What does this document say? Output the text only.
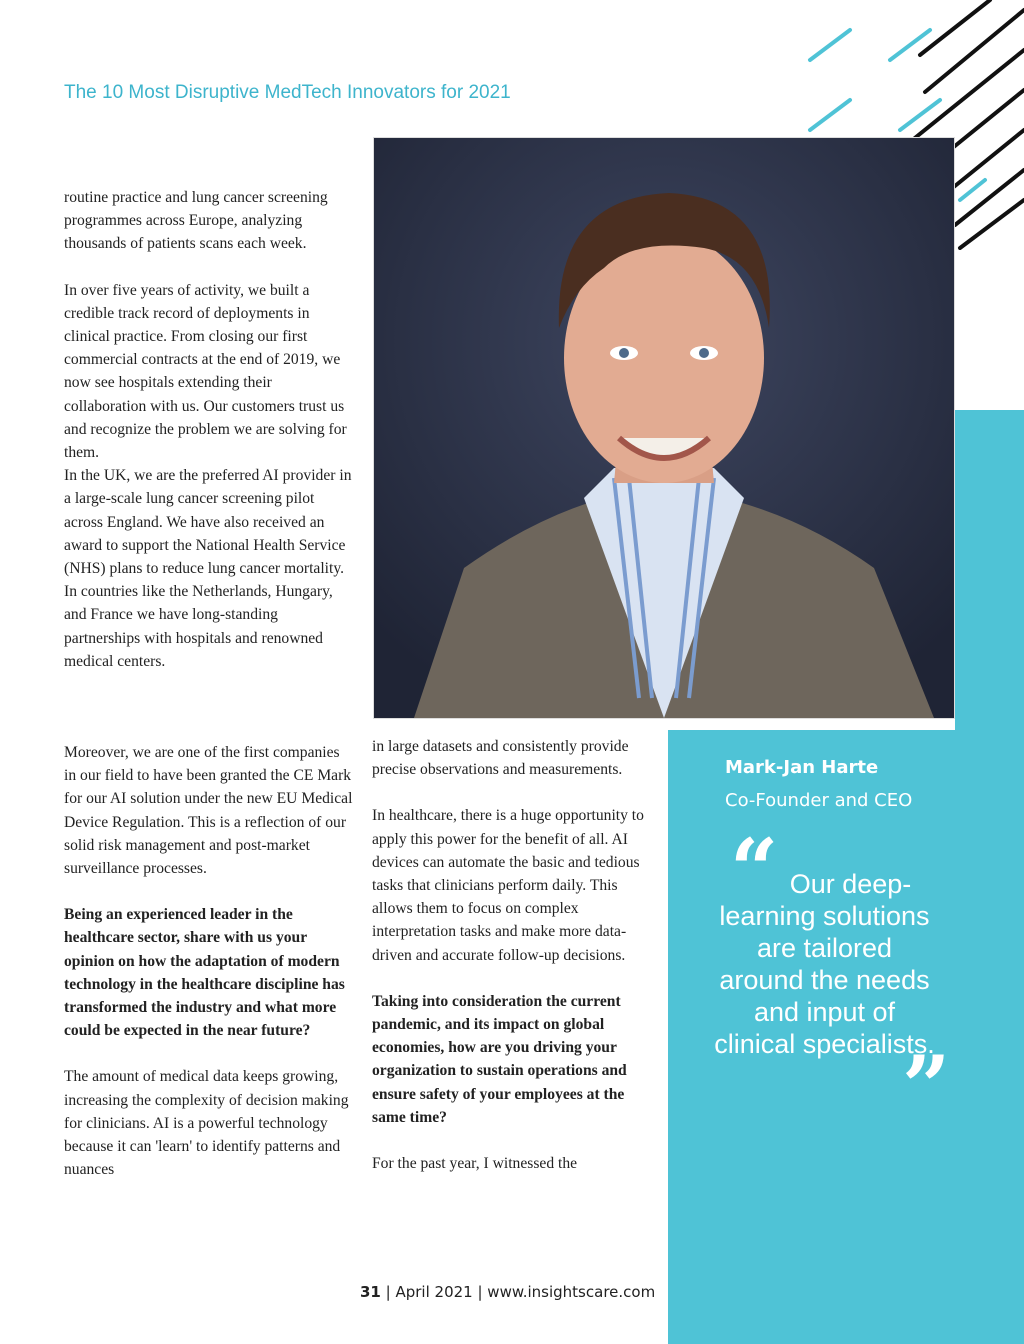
The 10 Most Disruptive MedTech Innovators for 2021

routine practice and lung cancer screening programmes across Europe, analyzing thousands of patients scans each week.

In over five years of activity, we built a credible track record of deployments in clinical practice. From closing our first commercial contracts at the end of 2019, we now see hospitals extending their collaboration with us. Our customers trust us and recognize the problem we are solving for them.

In the UK, we are the preferred AI provider in a large-scale lung cancer screening pilot across England. We have also received an award to support the National Health Service (NHS) plans to reduce lung cancer mortality. In countries like the Netherlands, Hungary, and France we have long-standing partnerships with hospitals and renowned medical centers.

Moreover, we are one of the first companies in our field to have been granted the CE Mark for our AI solution under the new EU Medical Device Regulation. This is a reflection of our solid risk management and post-market surveillance processes.

Being an experienced leader in the healthcare sector, share with us your opinion on how the adaptation of modern technology in the healthcare discipline has transformed the industry and what more could be expected in the near future?

The amount of medical data keeps growing, increasing the complexity of decision making for clinicians. AI is a powerful technology because it can 'learn' to identify patterns and nuances

in large datasets and consistently provide precise observations and measurements.

In healthcare, there is a huge opportunity to apply this power for the benefit of all. AI devices can automate the basic and tedious tasks that clinicians perform daily. This allows them to focus on complex interpretation tasks and make more data-driven and accurate follow-up decisions.

Taking into consideration the current pandemic, and its impact on global economies, how are you driving your organization to sustain operations and ensure safety of your employees at the same time?

For the past year, I witnessed the

Mark-Jan Harte
Co-Founder and CEO
“ Our deep-learning solutions are tailored around the needs and input of clinical specialists.
”
31 | April 2021 | www.insightscare.com
